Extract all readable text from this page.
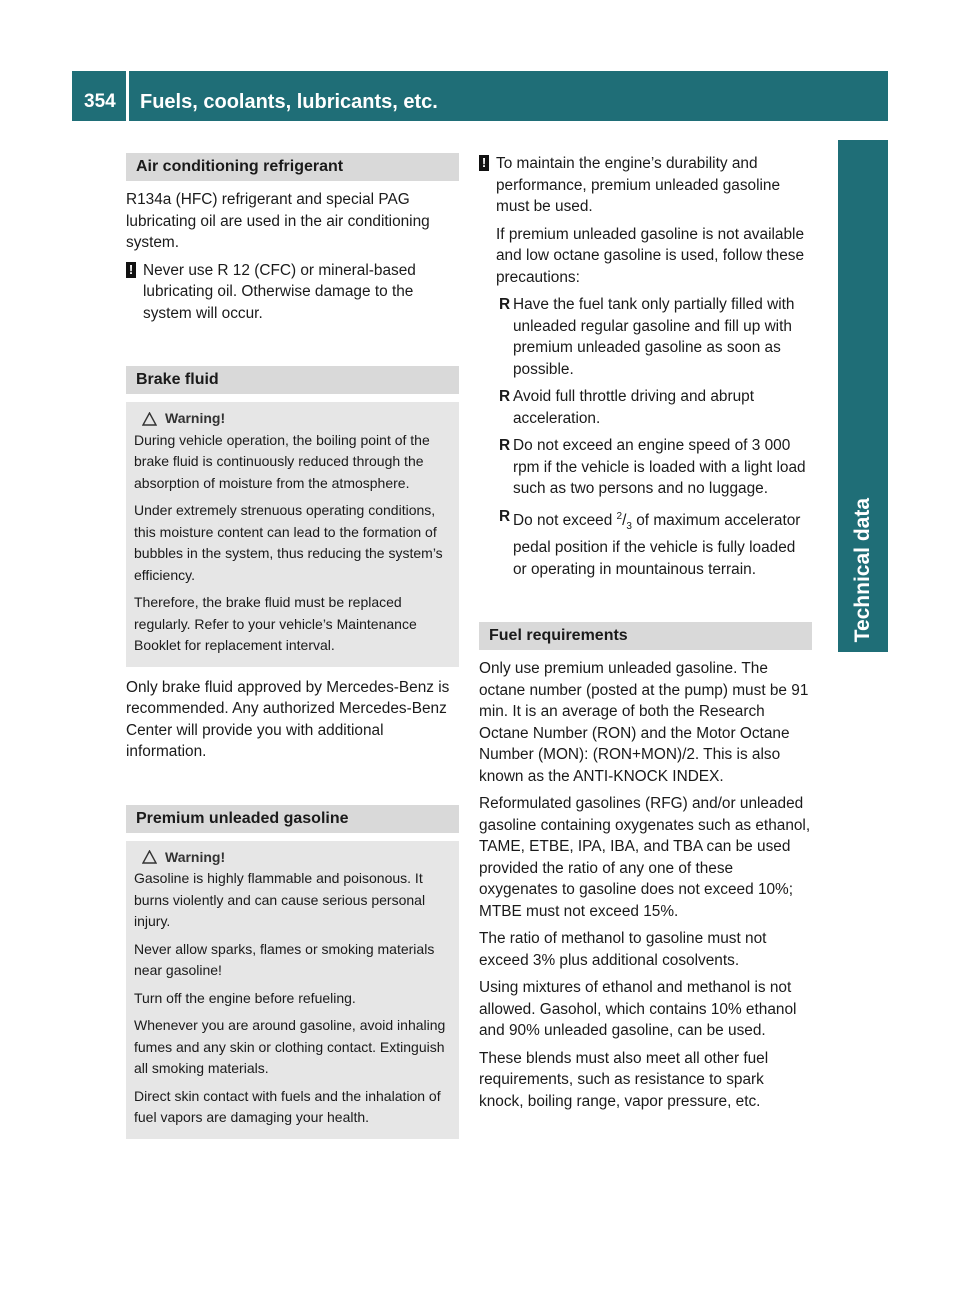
354	Fuels, coolants, lubricants, etc.
Technical data
Air conditioning refrigerant

R134a (HFC) refrigerant and special PAG lubricating oil are used in the air conditioning system.

! Never use R 12 (CFC) or mineral-based lubricating oil. Otherwise damage to the system will occur.
Brake fluid
Warning!

During vehicle operation, the boiling point of the brake fluid is continuously reduced through the absorption of moisture from the atmosphere.

Under extremely strenuous operating conditions, this moisture content can lead to the formation of bubbles in the system, thus reducing the system’s efficiency.

Therefore, the brake fluid must be replaced regularly. Refer to your vehicle’s Maintenance Booklet for replacement interval.

Only brake fluid approved by Mercedes-Benz is recommended. Any authorized Mercedes-Benz Center will provide you with additional information.

Premium unleaded gasoline
Warning!

Gasoline is highly flammable and poisonous. It burns violently and can cause serious personal injury.

Never allow sparks, flames or smoking materials near gasoline!

Turn off the engine before refueling.

Whenever you are around gasoline, avoid inhaling fumes and any skin or clothing contact. Extinguish all smoking materials.

Direct skin contact with fuels and the inhalation of fuel vapors are damaging your health.

! To maintain the engine’s durability and performance, premium unleaded gasoline must be used.

If premium unleaded gasoline is not available and low octane gasoline is used, follow these precautions:

R Have the fuel tank only partially filled with unleaded regular gasoline and fill up with premium unleaded gasoline as soon as possible.
R Avoid full throttle driving and abrupt acceleration.
R Do not exceed an engine speed of 3 000 rpm if the vehicle is loaded with a light load such as two persons and no luggage.
R Do not exceed $^2/_3$ of maximum accelerator pedal position if the vehicle is fully loaded or operating in mountainous terrain.
Fuel requirements

Only use premium unleaded gasoline. The octane number (posted at the pump) must be 91 min. It is an average of both the Research Octane Number (RON) and the Motor Octane Number (MON): (RON+MON)/2. This is also known as the ANTI-KNOCK INDEX.

Reformulated gasolines (RFG) and/or unleaded gasoline containing oxygenates such as ethanol, TAME, ETBE, IPA, IBA, and TBA can be used provided the ratio of any one of these oxygenates to gasoline does not exceed 10%; MTBE must not exceed 15%.

The ratio of methanol to gasoline must not exceed 3% plus additional cosolvents.

Using mixtures of ethanol and methanol is not allowed. Gasohol, which contains 10% ethanol and 90% unleaded gasoline, can be used.

These blends must also meet all other fuel requirements, such as resistance to spark knock, boiling range, vapor pressure, etc.
